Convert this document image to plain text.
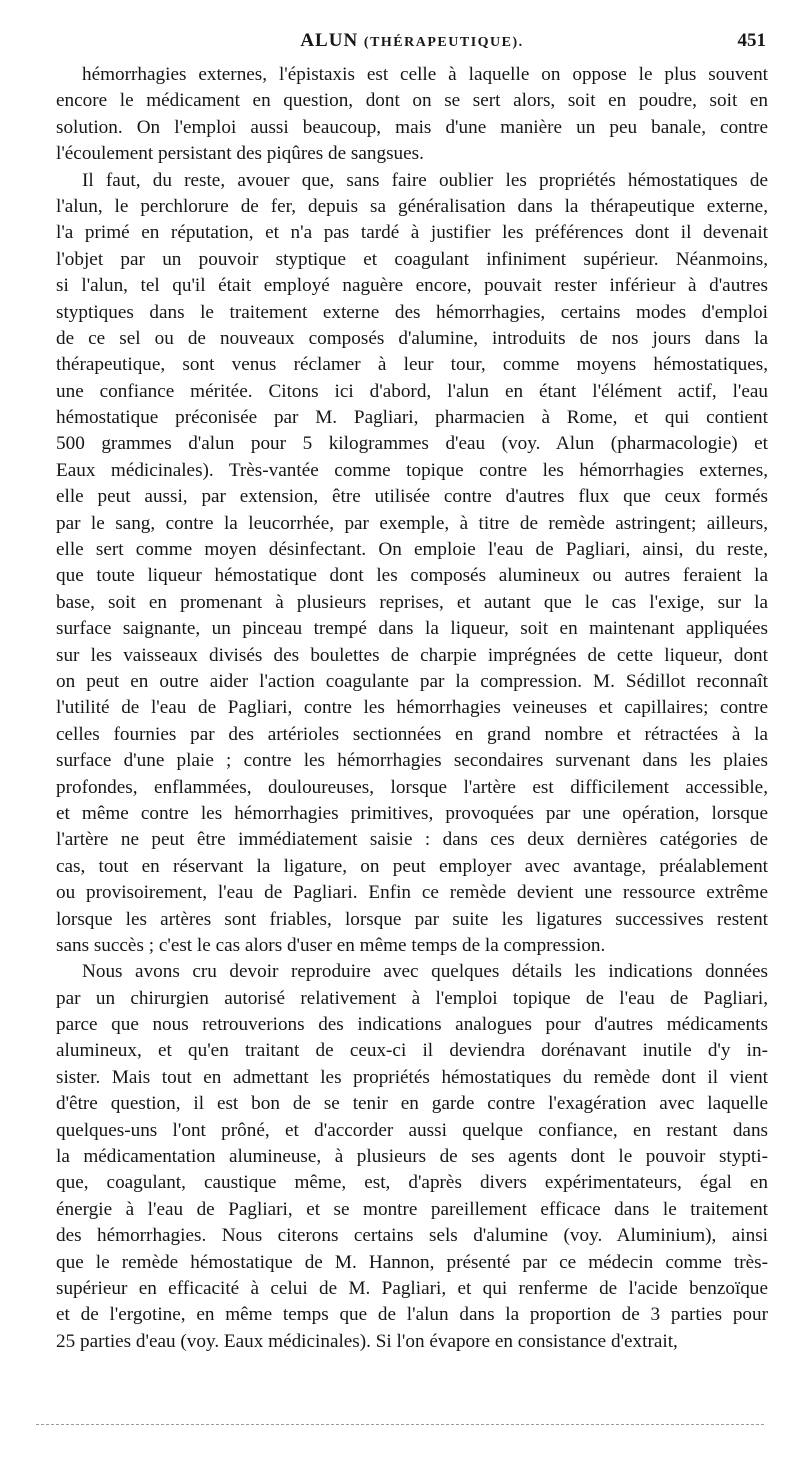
ALUN (THÉRAPEUTIQUE).	451
hémorrhagies externes, l'épistaxis est celle à laquelle on oppose le plus souvent
encore le médicament en question, dont on se sert alors, soit en poudre, soit en
solution. On l'emploi aussi beaucoup, mais d'une manière un peu banale, contre
l'écoulement persistant des piqûres de sangsues.
Il faut, du reste, avouer que, sans faire oublier les propriétés hémostatiques de
l'alun, le perchlorure de fer, depuis sa généralisation dans la thérapeutique externe,
l'a primé en réputation, et n'a pas tardé à justifier les préférences dont il devenait
l'objet par un pouvoir styptique et coagulant infiniment supérieur. Néanmoins,
si l'alun, tel qu'il était employé naguère encore, pouvait rester inférieur à d'autres
styptiques dans le traitement externe des hémorrhagies, certains modes d'emploi
de ce sel ou de nouveaux composés d'alumine, introduits de nos jours dans la
thérapeutique, sont venus réclamer à leur tour, comme moyens hémostatiques,
une confiance méritée. Citons ici d'abord, l'alun en étant l'élément actif, l'eau
hémostatique préconisée par M. Pagliari, pharmacien à Rome, et qui contient
500 grammes d'alun pour 5 kilogrammes d'eau (voy. Alun (pharmacologie) et
Eaux médicinales). Très-vantée comme topique contre les hémorrhagies externes,
elle peut aussi, par extension, être utilisée contre d'autres flux que ceux formés
par le sang, contre la leucorrhée, par exemple, à titre de remède astringent; ailleurs,
elle sert comme moyen désinfectant. On emploie l'eau de Pagliari, ainsi, du reste,
que toute liqueur hémostatique dont les composés alumineux ou autres feraient la
base, soit en promenant à plusieurs reprises, et autant que le cas l'exige, sur la
surface saignante, un pinceau trempé dans la liqueur, soit en maintenant appliquées
sur les vaisseaux divisés des boulettes de charpie imprégnées de cette liqueur, dont
on peut en outre aider l'action coagulante par la compression. M. Sédillot reconnaît
l'utilité de l'eau de Pagliari, contre les hémorrhagies veineuses et capillaires; contre
celles fournies par des artérioles sectionnées en grand nombre et rétractées à la
surface d'une plaie ; contre les hémorrhagies secondaires survenant dans les plaies
profondes, enflammées, douloureuses, lorsque l'artère est difficilement accessible,
et même contre les hémorrhagies primitives, provoquées par une opération, lorsque
l'artère ne peut être immédiatement saisie : dans ces deux dernières catégories de
cas, tout en réservant la ligature, on peut employer avec avantage, préalablement
ou provisoirement, l'eau de Pagliari. Enfin ce remède devient une ressource extrême
lorsque les artères sont friables, lorsque par suite les ligatures successives restent
sans succès ; c'est le cas alors d'user en même temps de la compression.
Nous avons cru devoir reproduire avec quelques détails les indications données
par un chirurgien autorisé relativement à l'emploi topique de l'eau de Pagliari,
parce que nous retrouverions des indications analogues pour d'autres médicaments
alumineux, et qu'en traitant de ceux-ci il deviendra dorénavant inutile d'y in-
sister. Mais tout en admettant les propriétés hémostatiques du remède dont il vient
d'être question, il est bon de se tenir en garde contre l'exagération avec laquelle
quelques-uns l'ont prôné, et d'accorder aussi quelque confiance, en restant dans
la médicamentation alumineuse, à plusieurs de ses agents dont le pouvoir stypti-
que, coagulant, caustique même, est, d'après divers expérimentateurs, égal en
énergie à l'eau de Pagliari, et se montre pareillement efficace dans le traitement
des hémorrhagies. Nous citerons certains sels d'alumine (voy. Aluminium), ainsi
que le remède hémostatique de M. Hannon, présenté par ce médecin comme très-
supérieur en efficacité à celui de M. Pagliari, et qui renferme de l'acide benzoïque
et de l'ergotine, en même temps que de l'alun dans la proportion de 3 parties pour
25 parties d'eau (voy. Eaux médicinales). Si l'on évapore en consistance d'extrait,
